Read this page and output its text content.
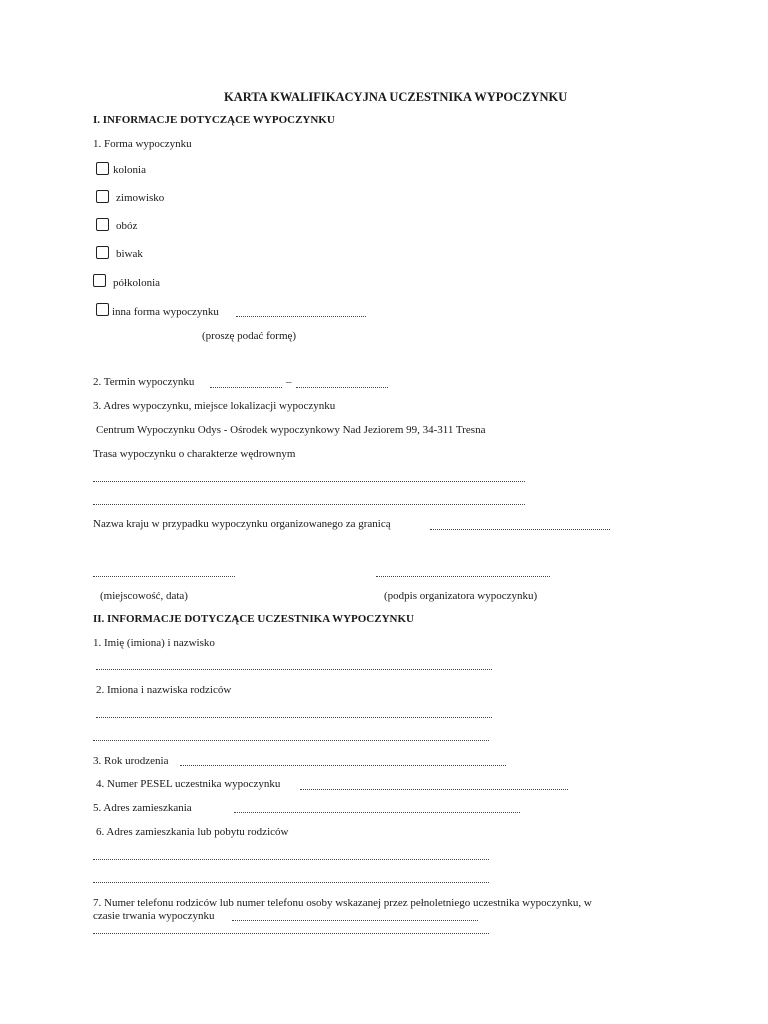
KARTA KWALIFIKACYJNA UCZESTNIKA WYPOCZYNKU
I. INFORMACJE DOTYCZĄCE WYPOCZYNKU
1. Forma wypoczynku
kolonia
zimowisko
obóz
biwak
półkolonia
inna forma wypoczynku
(proszę podać formę)
2. Termin wypoczynku	–
3. Adres wypoczynku, miejsce lokalizacji wypoczynku
Centrum Wypoczynku Odys - Ośrodek wypoczynkowy Nad Jeziorem 99, 34-311 Tresna
Trasa wypoczynku o charakterze wędrownym
Nazwa kraju w przypadku wypoczynku organizowanego za granicą
(miejscowość, data)	(podpis organizatora wypoczynku)
II. INFORMACJE DOTYCZĄCE UCZESTNIKA WYPOCZYNKU
1. Imię (imiona) i nazwisko
2. Imiona i nazwiska rodziców
3. Rok urodzenia
4. Numer PESEL uczestnika wypoczynku
5. Adres zamieszkania
6. Adres zamieszkania lub pobytu rodziców
7. Numer telefonu rodziców lub numer telefonu osoby wskazanej przez pełnoletniego uczestnika wypoczynku, w
czasie trwania wypoczynku
